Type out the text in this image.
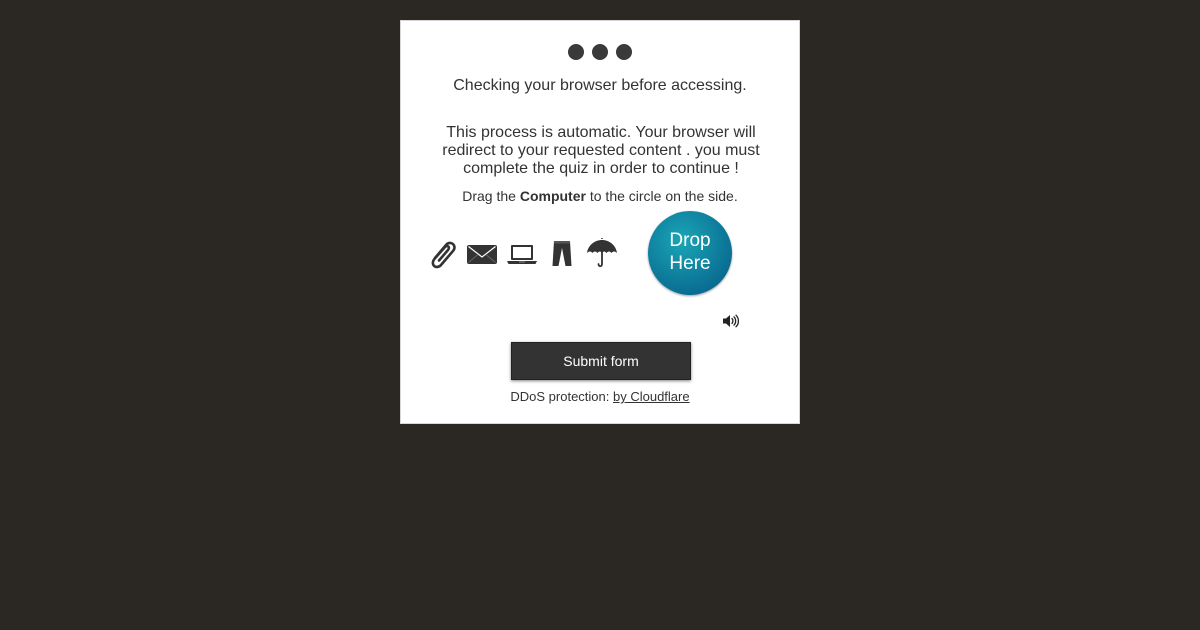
Checking your browser before accessing.
This process is automatic. Your browser will redirect to your requested content . you must complete the quiz in order to continue !
Drag the Computer to the circle on the side.
Drop
Here
Submit form
DDoS protection: by Cloudflare
